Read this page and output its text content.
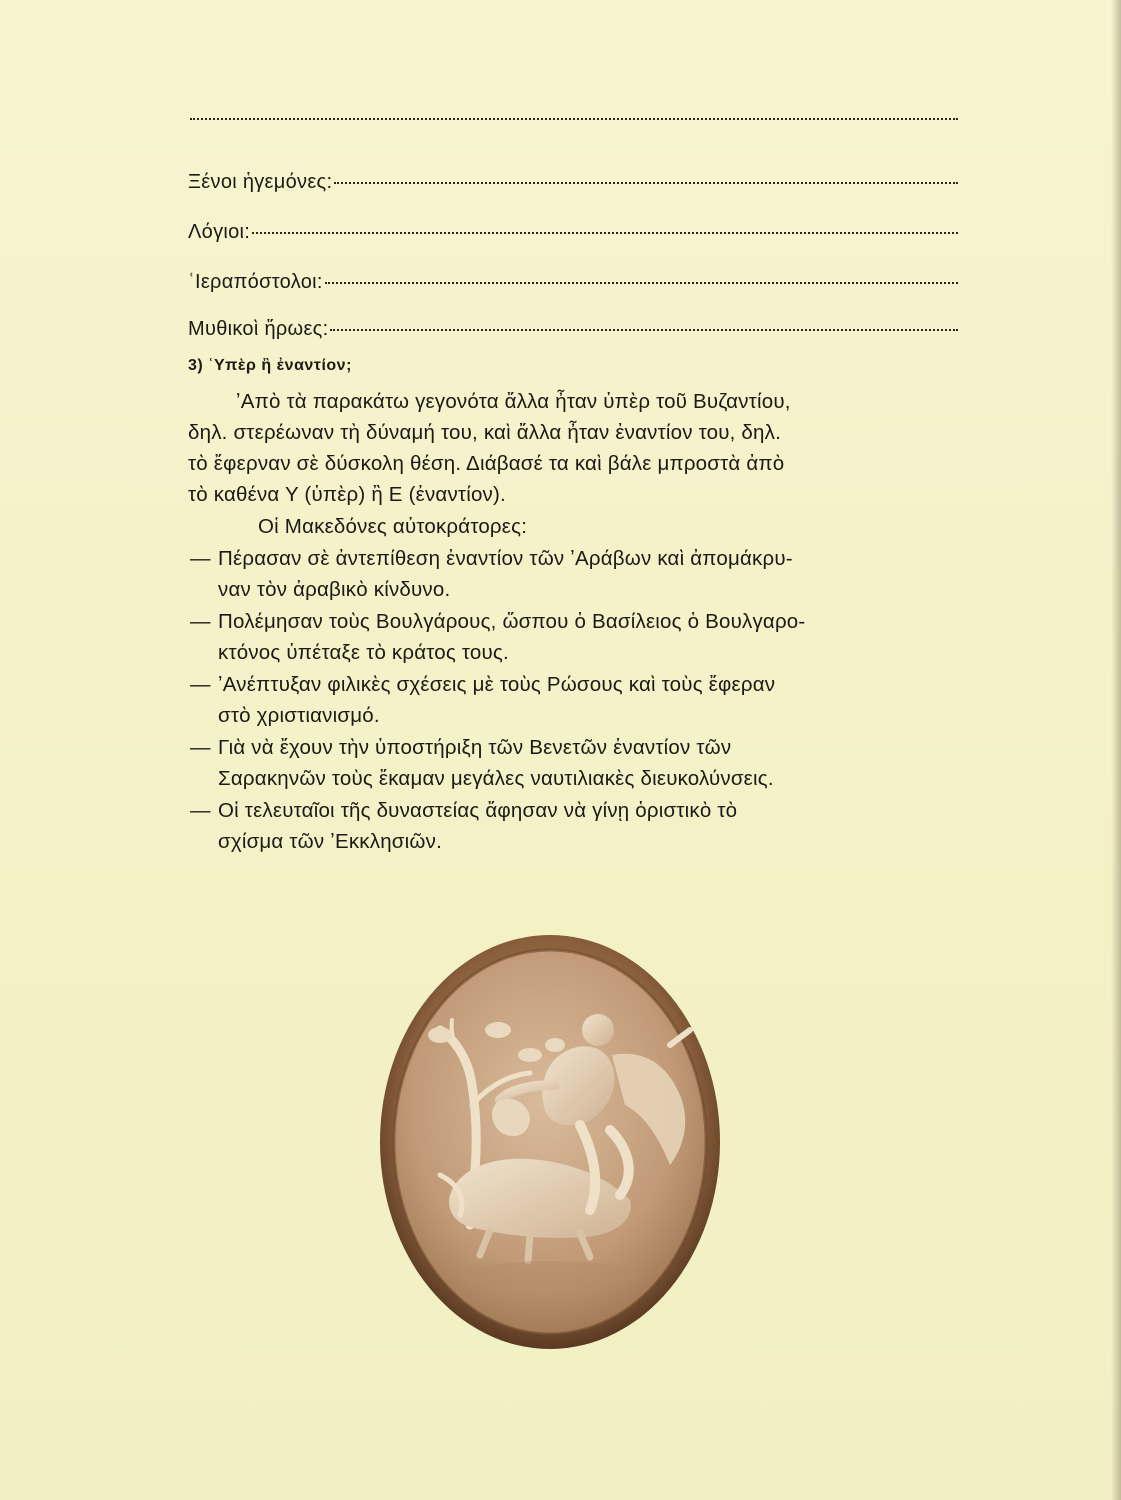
Ξένοι ἡγεμόνες:
Λόγιοι:
ʿΙεραπόστολοι:
Μυθικοὶ ἥρωες:
3) ʿΥπὲρ ἢ ἐναντίον;
ʼΑπὸ τὰ παρακάτω γεγονότα ἄλλα ἦταν ὑπὲρ τοῦ Βυζαντίου,
δηλ. στερέωναν τὴ δύναμή του, καὶ ἄλλα ἦταν ἐναντίον του, δηλ.
τὸ ἔφερναν σὲ δύσκολη θέση. Διάβασέ τα καὶ βάλε μπροστὰ ἀπὸ
τὸ καθένα Υ (ὑπὲρ) ἢ Ε (ἐναντίον).
Οἱ Μακεδόνες αὐτοκράτορες:
— Πέρασαν σὲ ἀντεπίθεση ἐναντίον τῶν ʼΑράβων καὶ ἀπομάκρυ-
ναν τὸν ἀραβικὸ κίνδυνο.
— Πολέμησαν τοὺς Βουλγάρους, ὥσπου ὁ Βασίλειος ὁ Βουλγαρο-
κτόνος ὑπέταξε τὸ κράτος τους.
— ʼΑνέπτυξαν φιλικὲς σχέσεις μὲ τοὺς Ρώσους καὶ τοὺς ἔφεραν
στὸ χριστιανισμό.
— Γιὰ νὰ ἔχουν τὴν ὑποστήριξη τῶν Βενετῶν ἐναντίον τῶν
Σαρακηνῶν τοὺς ἔκαμαν μεγάλες ναυτιλιακὲς διευκολύνσεις.
— Οἱ τελευταῖοι τῆς δυναστείας ἄφησαν νὰ γίνῃ ὁριστικὸ τὸ
σχίσμα τῶν ʼΕκκλησιῶν.
